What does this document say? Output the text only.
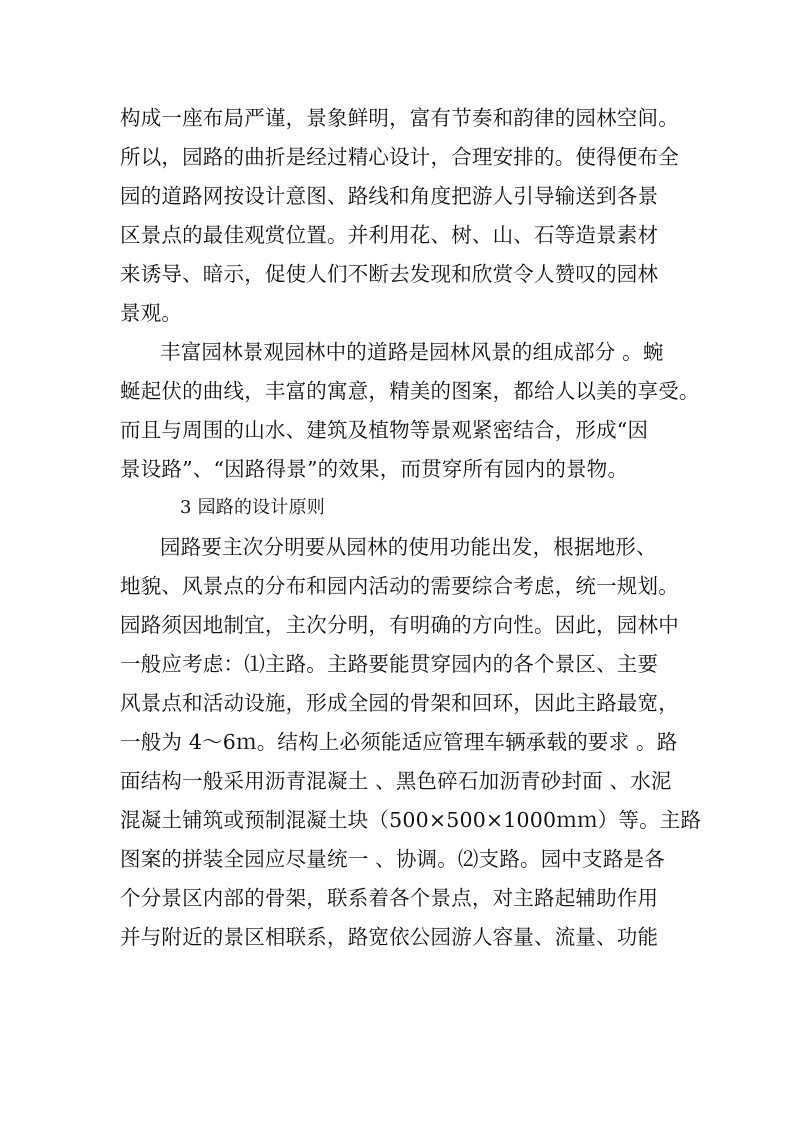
构成一座布局严谨，景象鲜明，富有节奏和韵律的园林空间。
所以，园路的曲折是经过精心设计，合理安排的。使得便布全
园的道路网按设计意图、路线和角度把游人引导输送到各景
区景点的最佳观赏位置。并利用花、树、山、石等造景素材
来诱导、暗示，促使人们不断去发现和欣赏令人赞叹的园林
景观。
丰富园林景观园林中的道路是园林风景的组成部分 。蜿
蜒起伏的曲线，丰富的寓意，精美的图案，都给人以美的享受。
而且与周围的山水、建筑及植物等景观紧密结合，形成“因
景设路”、“因路得景”的效果，而贯穿所有园内的景物。
3 园路的设计原则
园路要主次分明要从园林的使用功能出发，根据地形、
地貌、风景点的分布和园内活动的需要综合考虑，统一规划。
园路须因地制宜，主次分明，有明确的方向性。因此，园林中
一般应考虑：⑴主路。主路要能贯穿园内的各个景区、主要
风景点和活动设施，形成全园的骨架和回环，因此主路最宽，
一般为 4～6ｍ。结构上必须能适应管理车辆承载的要求 。路
面结构一般采用沥青混凝土 、黑色碎石加沥青砂封面 、水泥
混凝土铺筑或预制混凝土块（500×500×1000ｍｍ）等。主路
图案的拼装全园应尽量统一 、协调。⑵支路。园中支路是各
个分景区内部的骨架，联系着各个景点，对主路起辅助作用
并与附近的景区相联系，路宽依公园游人容量、流量、功能
